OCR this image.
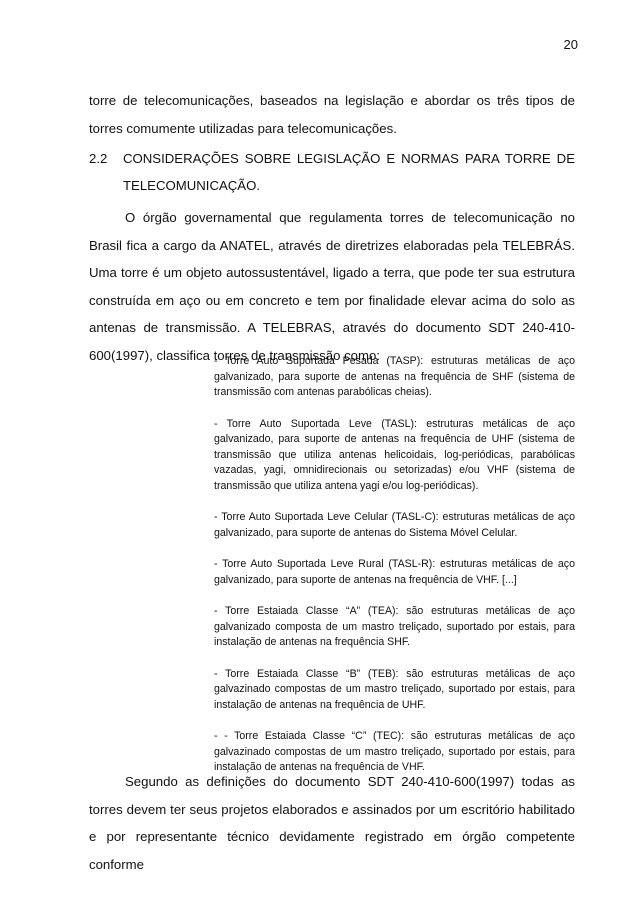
20

torre de telecomunicações, baseados na legislação e abordar os três tipos de torres comumente utilizadas para telecomunicações.

2.2	CONSIDERAÇÕES SOBRE LEGISLAÇÃO E NORMAS PARA TORRE DE
TELECOMUNICAÇÃO.

O órgão governamental que regulamenta torres de telecomunicação no Brasil fica a cargo da ANATEL, através de diretrizes elaboradas pela TELEBRÁS. Uma torre é um objeto autossustentável, ligado a terra, que pode ter sua estrutura construída em aço ou em concreto e tem por finalidade elevar acima do solo as antenas de transmissão. A TELEBRAS, através do documento SDT 240-410-600(1997), classifica torres de transmissão como:

- Torre Auto Suportada Pesada (TASP): estruturas metálicas de aço galvanizado, para suporte de antenas na frequência de SHF (sistema de transmissão com antenas parabólicas cheias).

- Torre Auto Suportada Leve (TASL): estruturas metálicas de aço galvanizado, para suporte de antenas na frequência de UHF (sistema de transmissão que utiliza antenas helicoidais, log-periódicas, parabólicas vazadas, yagi, omnidirecionais ou setorizadas) e/ou VHF (sistema de transmissão que utiliza antena yagi e/ou log-periódicas).

- Torre Auto Suportada Leve Celular (TASL-C): estruturas metálicas de aço galvanizado, para suporte de antenas do Sistema Móvel Celular.

- Torre Auto Suportada Leve Rural (TASL-R): estruturas metálicas de aço galvanizado, para suporte de antenas na frequência de VHF. [...]

- Torre Estaiada Classe “A” (TEA): são estruturas metálicas de aço galvanizado composta de um mastro treliçado, suportado por estais, para instalação de antenas na frequência SHF.

- Torre Estaiada Classe “B” (TEB): são estruturas metálicas de aço galvazinado compostas de um mastro treliçado, suportado por estais, para instalação de antenas na frequência de UHF.

- - Torre Estaiada Classe “C” (TEC): são estruturas metálicas de aço galvazinado compostas de um mastro treliçado, suportado por estais, para instalação de antenas na frequência de VHF.

Segundo as definições do documento SDT 240-410-600(1997) todas as torres devem ter seus projetos elaborados e assinados por um escritório habilitado e por representante técnico devidamente registrado em órgão competente conforme
